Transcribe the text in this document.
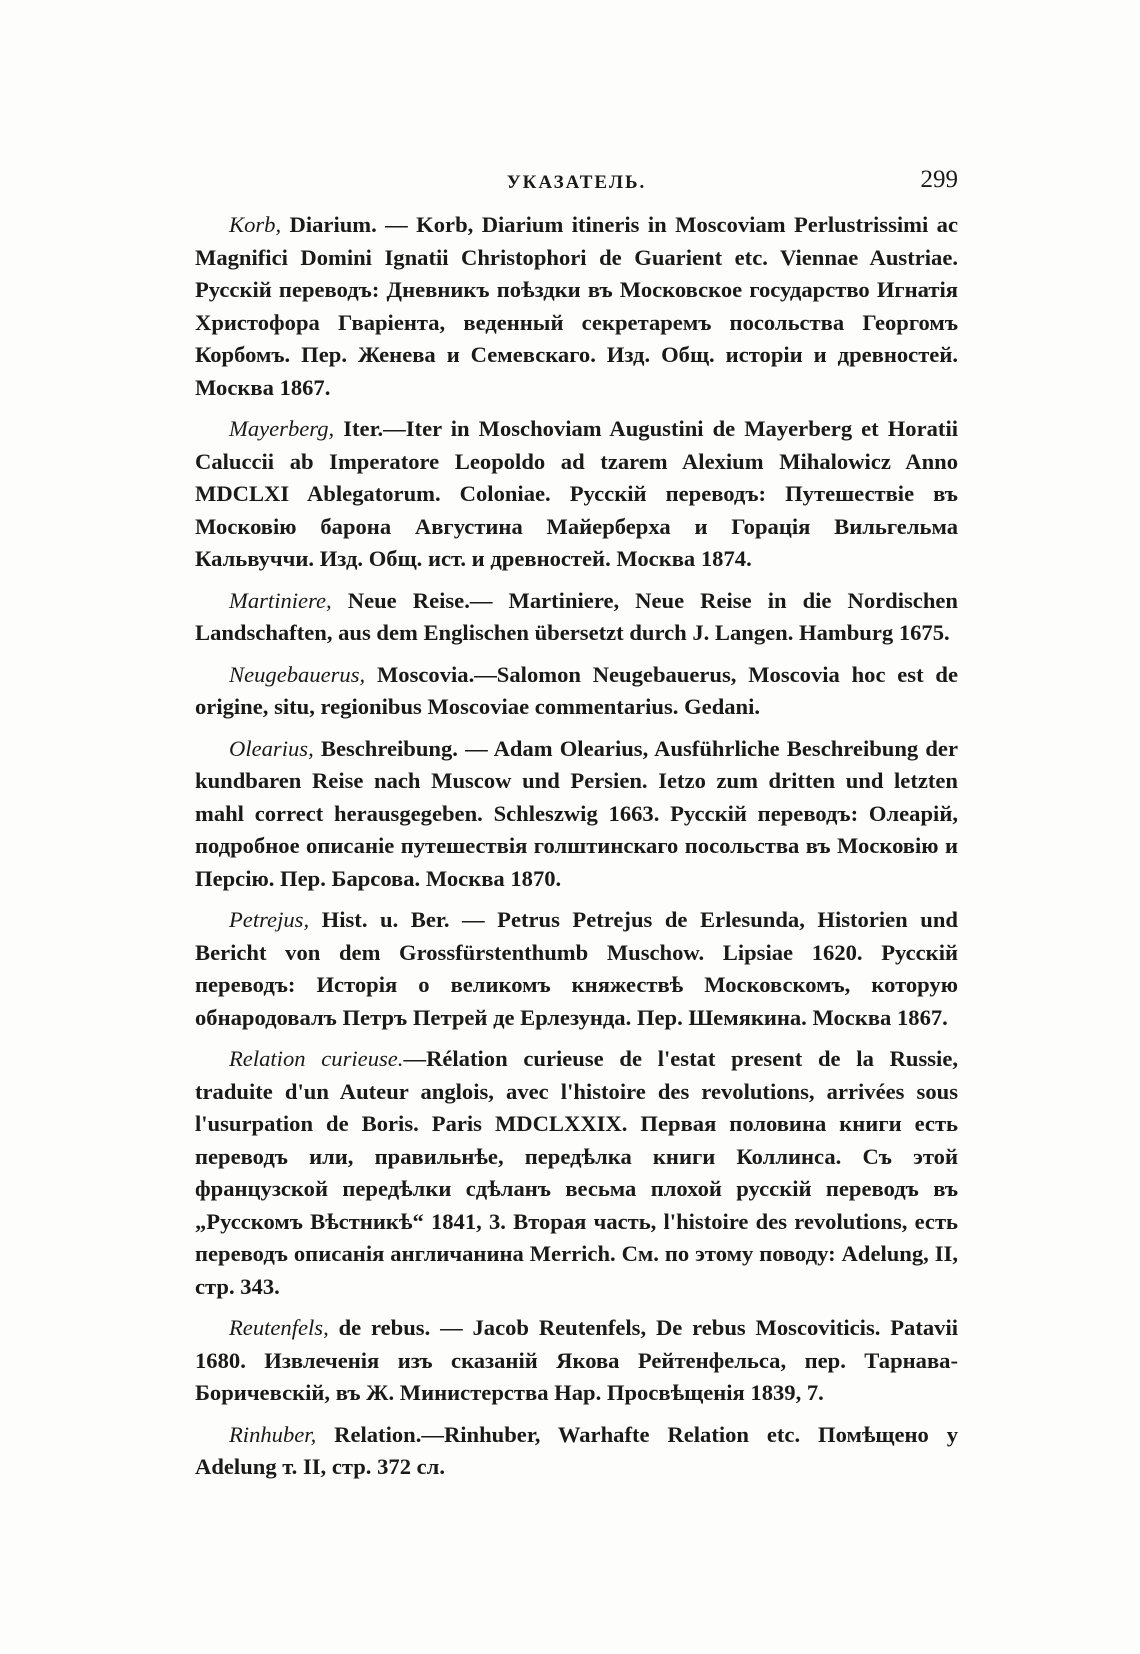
УКАЗАТЕЛЬ.	299

Korb, Diarium. — Korb, Diarium itineris in Moscoviam Perlustrissimi ac Magnifici Domini Ignatii Christophori de Guarient etc. Viennae Austriae. Русскій переводъ: Дневникъ поѣздки въ Московское государство Игнатія Христофора Гваріента, веденный секретаремъ посольства Георгомъ Корбомъ. Пер. Женева и Семевскаго. Изд. Общ. исторіи и древностей. Москва 1867.

Mayerberg, Iter.—Iter in Moschoviam Augustini de Mayerberg et Horatii Caluccii ab Imperatore Leopoldo ad tzarem Alexium Mihalowicz Anno MDCLXI Ablegatorum. Coloniae. Русскій переводъ: Путешествіе въ Московію барона Августина Майерберха и Горація Вильгельма Кальвуччи. Изд. Общ. ист. и древностей. Москва 1874.

Martiniere, Neue Reise.— Martiniere, Neue Reise in die Nordischen Landschaften, aus dem Englischen übersetzt durch J. Langen. Hamburg 1675.

Neugebauerus, Moscovia.—Salomon Neugebauerus, Moscovia hoc est de origine, situ, regionibus Moscoviae commentarius. Gedani.

Olearius, Beschreibung. — Adam Olearius, Ausführliche Beschreibung der kundbaren Reise nach Muscow und Persien. Ietzo zum dritten und letzten mahl correct herausgegeben. Schleszwig 1663. Русскій переводъ: Олеарій, подробное описаніе путешествія голштинскаго посольства въ Московію и Персію. Пер. Барсова. Москва 1870.

Petrejus, Hist. u. Ber. — Petrus Petrejus de Erlesunda, Historien und Bericht von dem Grossfürstenthumb Muschow. Lipsiae 1620. Русскій переводъ: Исторія о великомъ княжествѣ Московскомъ, которую обнародовалъ Петръ Петрей де Ерлезунда. Пер. Шемякина. Москва 1867.

Relation curieuse.—Rélation curieuse de l'estat present de la Russie, traduite d'un Auteur anglois, avec l'histoire des revolutions, arrivées sous l'usurpation de Boris. Paris MDCLXXIX. Первая половина книги есть переводъ или, правильнѣе, передѣлка книги Коллинса. Съ этой французской передѣлки сдѣланъ весьма плохой русскій переводъ въ „Русскомъ Вѣстникѣ“ 1841, 3. Вторая часть, l'histoire des revolutions, есть переводъ описанія англичанина Merrich. См. по этому поводу: Adelung, II, стр. 343.

Reutenfels, de rebus. — Jacob Reutenfels, De rebus Moscoviticis. Patavii 1680. Извлеченія изъ сказаній Якова Рейтенфельса, пер. Тарнава-Боричевскій, въ Ж. Министерства Нар. Просвѣщенія 1839, 7.

Rinhuber, Relation.—Rinhuber, Warhafte Relation etc. Помѣщено у Adelung т. II, стр. 372 сл.
